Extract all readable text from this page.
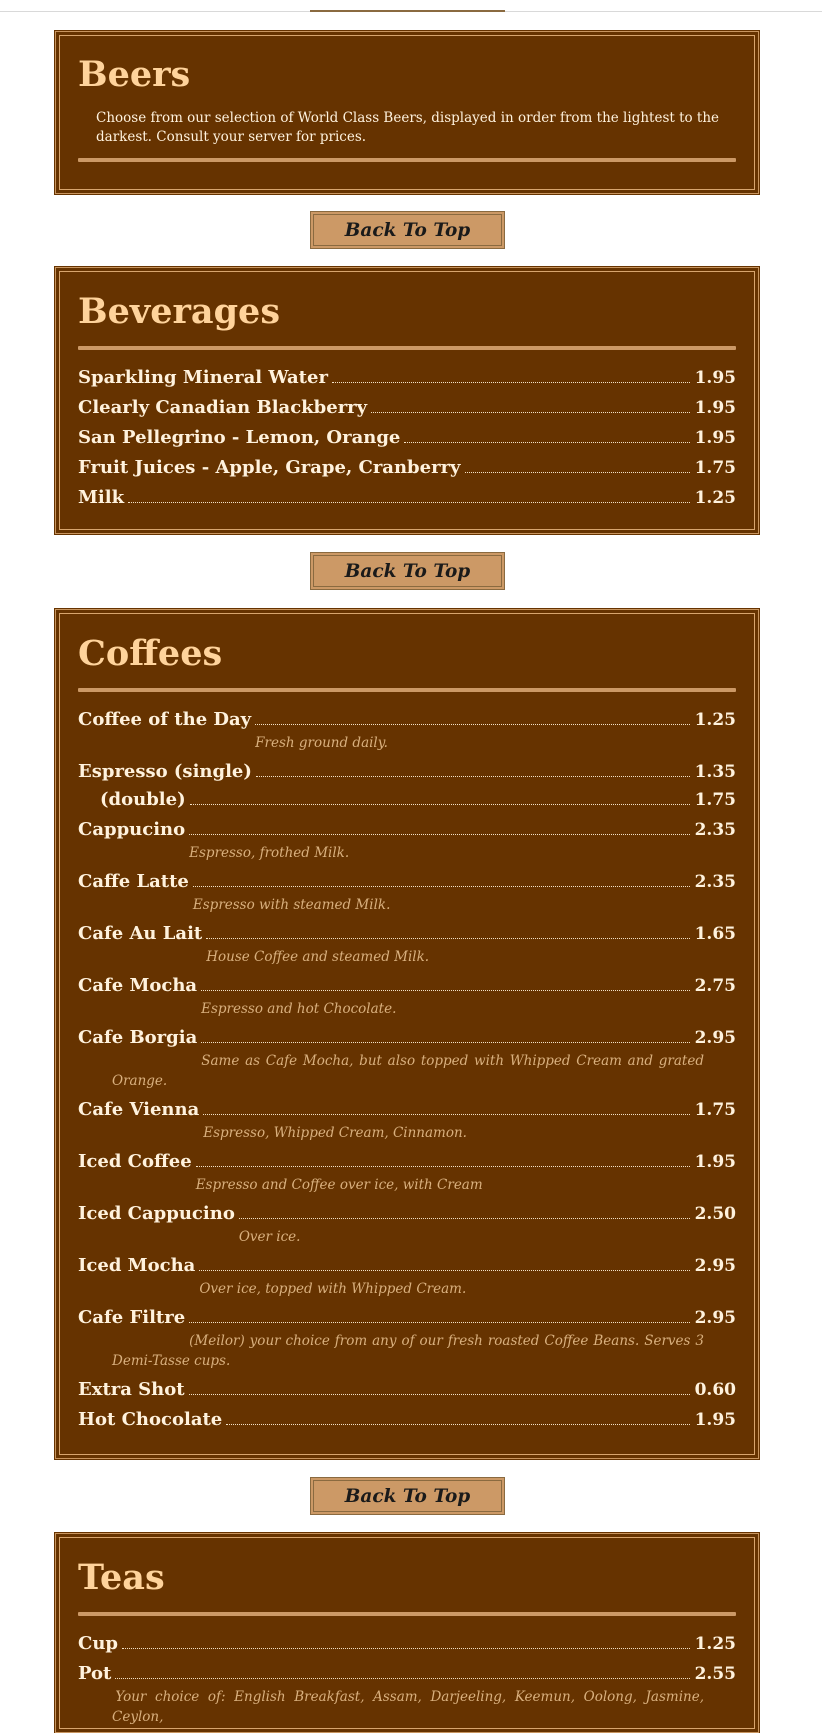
Beers
Choose from our selection of World Class Beers, displayed in order from the lightest to the darkest. Consult your server for prices.
Back To Top
Beverages
Sparkling Mineral Water	1.95
Clearly Canadian Blackberry	1.95
San Pellegrino - Lemon, Orange	1.95
Fruit Juices - Apple, Grape, Cranberry	1.75
Milk	1.25
Back To Top
Coffees
Coffee of the Day	1.25
Fresh ground daily.
Espresso (single)	1.35
(double)	1.75
Cappucino	2.35
Espresso, frothed Milk.
Caffe Latte	2.35
Espresso with steamed Milk.
Cafe Au Lait	1.65
House Coffee and steamed Milk.
Cafe Mocha	2.75
Espresso and hot Chocolate.
Cafe Borgia	2.95
Same as Cafe Mocha, but also topped with Whipped Cream and grated Orange.
Cafe Vienna	1.75
Espresso, Whipped Cream, Cinnamon.
Iced Coffee	1.95
Espresso and Coffee over ice, with Cream
Iced Cappucino	2.50
Over ice.
Iced Mocha	2.95
Over ice, topped with Whipped Cream.
Cafe Filtre	2.95
(Meilor) your choice from any of our fresh roasted Coffee Beans. Serves 3 Demi-Tasse cups.
Extra Shot	0.60
Hot Chocolate	1.95
Back To Top
Teas
Cup	1.25
Pot	2.55
Your choice of: English Breakfast, Assam, Darjeeling, Keemun, Oolong, Jasmine, Ceylon,
